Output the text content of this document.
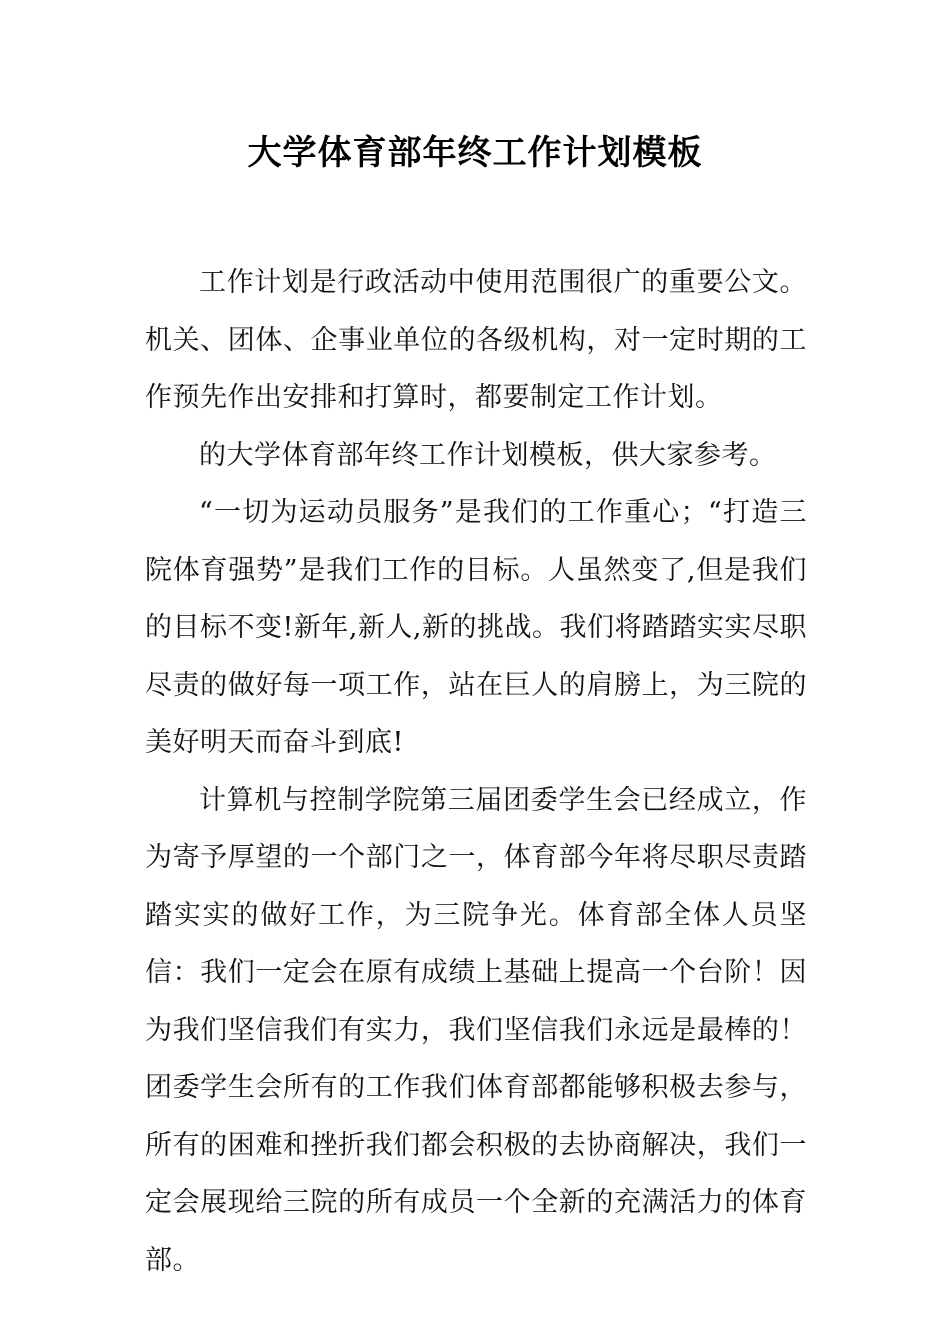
大学体育部年终工作计划模板

工作计划是行政活动中使用范围很广的重要公文。机关、团体、企事业单位的各级机构，对一定时期的工作预先作出安排和打算时，都要制定工作计划。

的大学体育部年终工作计划模板，供大家参考。

“一切为运动员服务”是我们的工作重心；“打造三院体育强势”是我们工作的目标。人虽然变了,但是我们的目标不变!新年,新人,新的挑战。我们将踏踏实实尽职尽责的做好每一项工作，站在巨人的肩膀上，为三院的美好明天而奋斗到底!

计算机与控制学院第三届团委学生会已经成立，作为寄予厚望的一个部门之一，体育部今年将尽职尽责踏踏实实的做好工作，为三院争光。体育部全体人员坚信：我们一定会在原有成绩上基础上提高一个台阶！因为我们坚信我们有实力，我们坚信我们永远是最棒的！团委学生会所有的工作我们体育部都能够积极去参与，所有的困难和挫折我们都会积极的去协商解决，我们一定会展现给三院的所有成员一个全新的充满活力的体育部。
